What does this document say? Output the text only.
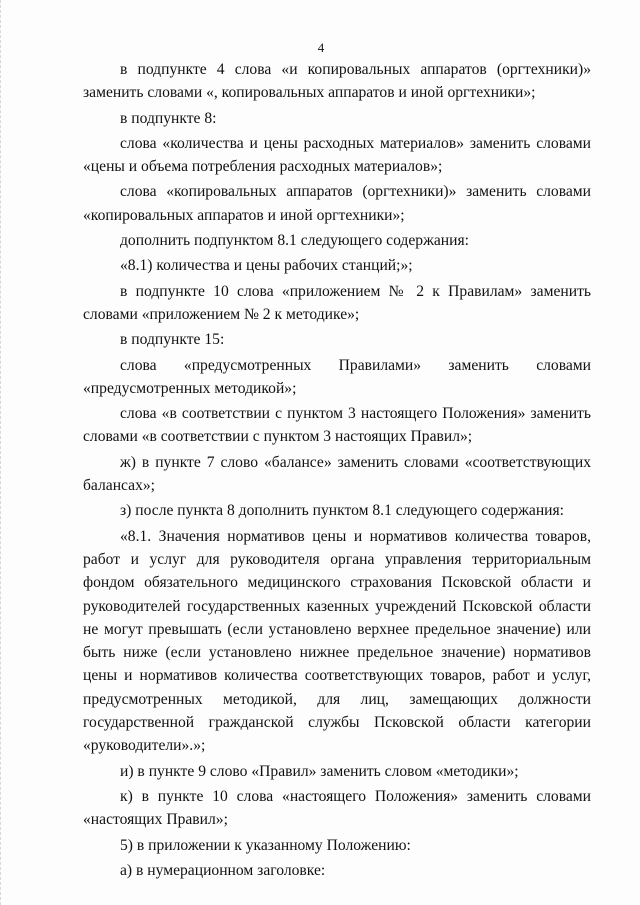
4

в подпункте 4 слова «и копировальных аппаратов (оргтехники)» заменить словами «, копировальных аппаратов и иной оргтехники»;

в подпункте 8:

слова «количества и цены расходных материалов» заменить словами «цены и объема потребления расходных материалов»;

слова «копировальных аппаратов (оргтехники)» заменить словами «копировальных аппаратов и иной оргтехники»;

дополнить подпунктом 8.1 следующего содержания:

«8.1) количества и цены рабочих станций;»;

в подпункте 10 слова «приложением № 2 к Правилам» заменить словами «приложением № 2 к методике»;

в подпункте 15:

слова «предусмотренных Правилами» заменить словами «предусмотренных методикой»;

слова «в соответствии с пунктом 3 настоящего Положения» заменить словами «в соответствии с пунктом 3 настоящих Правил»;

ж) в пункте 7 слово «балансе» заменить словами «соответствующих балансах»;

з) после пункта 8 дополнить пунктом 8.1 следующего содержания:

«8.1. Значения нормативов цены и нормативов количества товаров, работ и услуг для руководителя органа управления территориальным фондом обязательного медицинского страхования Псковской области и руководителей государственных казенных учреждений Псковской области не могут превышать (если установлено верхнее предельное значение) или быть ниже (если установлено нижнее предельное значение) нормативов цены и нормативов количества соответствующих товаров, работ и услуг, предусмотренных методикой, для лиц, замещающих должности государственной гражданской службы Псковской области категории «руководители».»;

и) в пункте 9 слово «Правил» заменить словом «методики»;

к) в пункте 10 слова «настоящего Положения» заменить словами «настоящих Правил»;

5) в приложении к указанному Положению:

а) в нумерационном заголовке:
